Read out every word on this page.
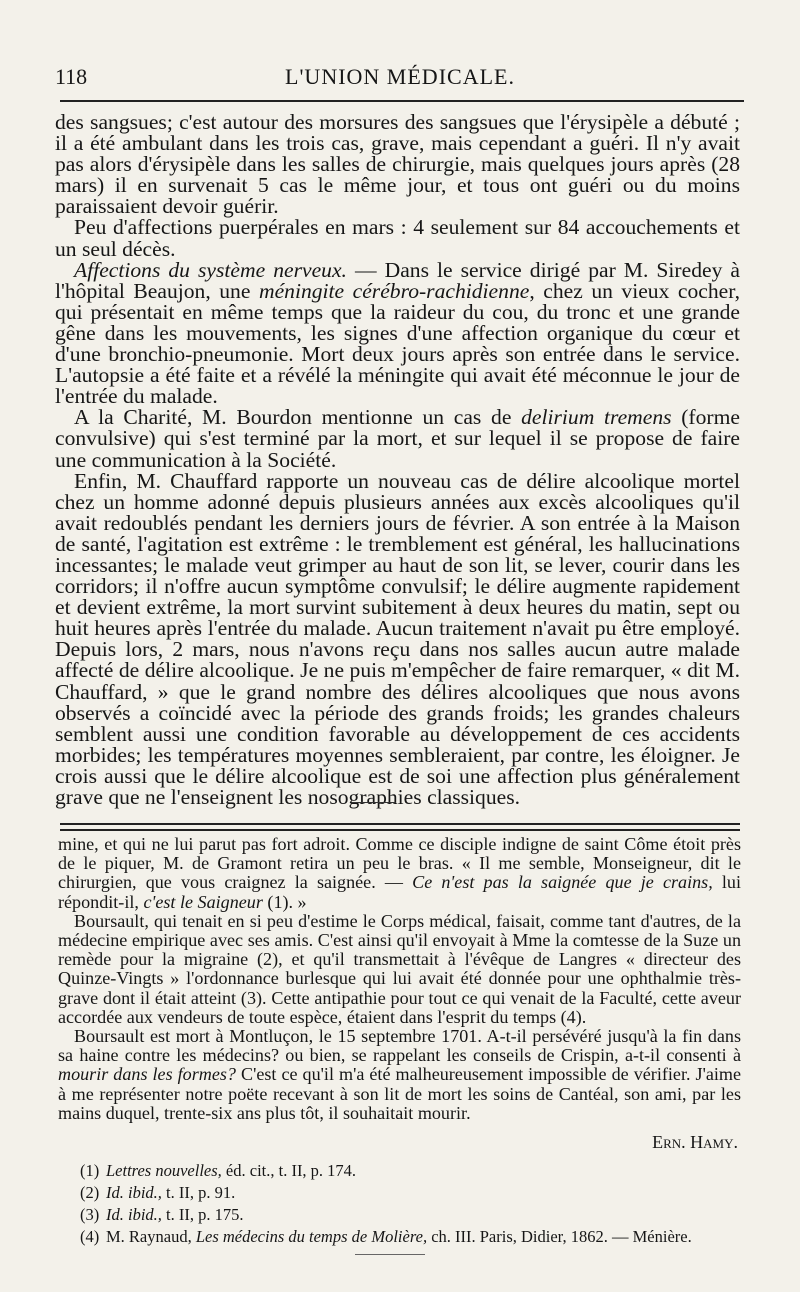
118	L'UNION MÉDICALE.

des sangsues; c'est autour des morsures des sangsues que l'érysipèle a débuté ; il a été ambulant dans les trois cas, grave, mais cependant a guéri. Il n'y avait pas alors d'érysipèle dans les salles de chirurgie, mais quelques jours après (28 mars) il en survenait 5 cas le même jour, et tous ont guéri ou du moins paraissaient devoir guérir.

Peu d'affections puerpérales en mars : 4 seulement sur 84 accouchements et un seul décès.

Affections du système nerveux. — Dans le service dirigé par M. Siredey à l'hôpital Beaujon, une méningite cérébro-rachidienne, chez un vieux cocher, qui présentait en même temps que la raideur du cou, du tronc et une grande gêne dans les mouvements, les signes d'une affection organique du cœur et d'une bronchio-pneumonie. Mort deux jours après son entrée dans le service. L'autopsie a été faite et a révélé la méningite qui avait été méconnue le jour de l'entrée du malade.

A la Charité, M. Bourdon mentionne un cas de delirium tremens (forme convulsive) qui s'est terminé par la mort, et sur lequel il se propose de faire une communication à la Société.

Enfin, M. Chauffard rapporte un nouveau cas de délire alcoolique mortel chez un homme adonné depuis plusieurs années aux excès alcooliques qu'il avait redoublés pendant les derniers jours de février. A son entrée à la Maison de santé, l'agitation est extrême : le tremblement est général, les hallucinations incessantes; le malade veut grimper au haut de son lit, se lever, courir dans les corridors; il n'offre aucun symptôme convulsif; le délire augmente rapidement et devient extrême, la mort survint subitement à deux heures du matin, sept ou huit heures après l'entrée du malade. Aucun traitement n'avait pu être employé. Depuis lors, 2 mars, nous n'avons reçu dans nos salles aucun autre malade affecté de délire alcoolique. Je ne puis m'empêcher de faire remarquer, « dit M. Chauffard, » que le grand nombre des délires alcooliques que nous avons observés a coïncidé avec la période des grands froids; les grandes chaleurs semblent aussi une condition favorable au développement de ces accidents morbides; les températures moyennes sembleraient, par contre, les éloigner. Je crois aussi que le délire alcoolique est de soi une affection plus généralement grave que ne l'enseignent les nosographies classiques.

mine, et qui ne lui parut pas fort adroit. Comme ce disciple indigne de saint Côme étoit près de le piquer, M. de Gramont retira un peu le bras. « Il me semble, Monseigneur, dit le chirurgien, que vous craignez la saignée. — Ce n'est pas la saignée que je crains, lui répondit-il, c'est le Saigneur (1). »

Boursault, qui tenait en si peu d'estime le Corps médical, faisait, comme tant d'autres, de la médecine empirique avec ses amis. C'est ainsi qu'il envoyait à Mme la comtesse de la Suze un remède pour la migraine (2), et qu'il transmettait à l'évêque de Langres « directeur des Quinze-Vingts » l'ordonnance burlesque qui lui avait été donnée pour une ophthalmie très-grave dont il était atteint (3). Cette antipathie pour tout ce qui venait de la Faculté, cette aveur accordée aux vendeurs de toute espèce, étaient dans l'esprit du temps (4).

Boursault est mort à Montluçon, le 15 septembre 1701. A-t-il persévéré jusqu'à la fin dans sa haine contre les médecins? ou bien, se rappelant les conseils de Crispin, a-t-il consenti à mourir dans les formes? C'est ce qu'il m'a été malheureusement impossible de vérifier. J'aime à me représenter notre poëte recevant à son lit de mort les soins de Cantéal, son ami, par les mains duquel, trente-six ans plus tôt, il souhaitait mourir.

Ern. Hamy.
(1) Lettres nouvelles, éd. cit., t. II, p. 174.
(2) Id. ibid., t. II, p. 91.
(3) Id. ibid., t. II, p. 175.
(4) M. Raynaud, Les médecins du temps de Molière, ch. III. Paris, Didier, 1862. — Ménière.
